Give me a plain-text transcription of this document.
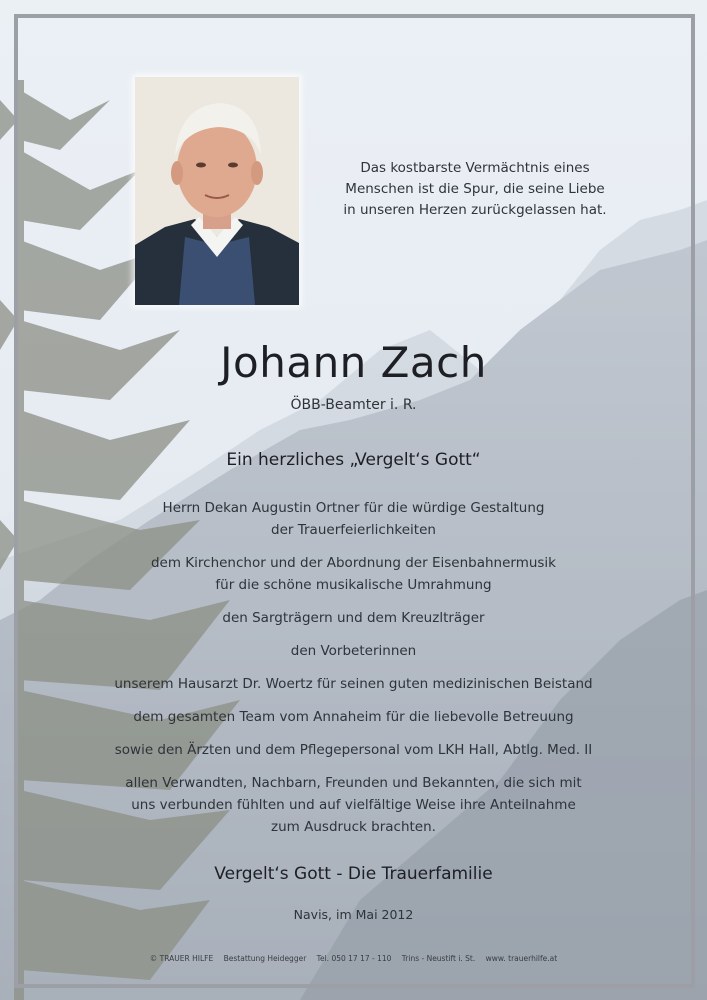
Das kostbarste Vermächtnis eines
Menschen ist die Spur, die seine Liebe
in unseren Herzen zurückgelassen hat.
Johann Zach
ÖBB-Beamter i. R.
Ein herzliches „Vergelt‘s Gott“
Herrn Dekan Augustin Ortner für die würdige Gestaltung
der Trauerfeierlichkeiten
dem Kirchenchor und der Abordnung der Eisenbahnermusik
für die schöne musikalische Umrahmung
den Sargträgern und dem Kreuzlträger
den Vorbeterinnen
unserem Hausarzt Dr. Woertz für seinen guten medizinischen Beistand
dem gesamten Team vom Annaheim für die liebevolle Betreuung
sowie den Ärzten und dem Pflegepersonal vom LKH Hall, Abtlg. Med. II
allen Verwandten, Nachbarn, Freunden und Bekannten, die sich mit
uns verbunden fühlten und auf vielfältige Weise ihre Anteilnahme
zum Ausdruck brachten.
Vergelt‘s Gott - Die Trauerfamilie
Navis, im Mai 2012
© TRAUER HILFE Bestattung Heidegger Tel. 050 17 17 - 110 Trins - Neustift i. St. www. trauerhilfe.at
